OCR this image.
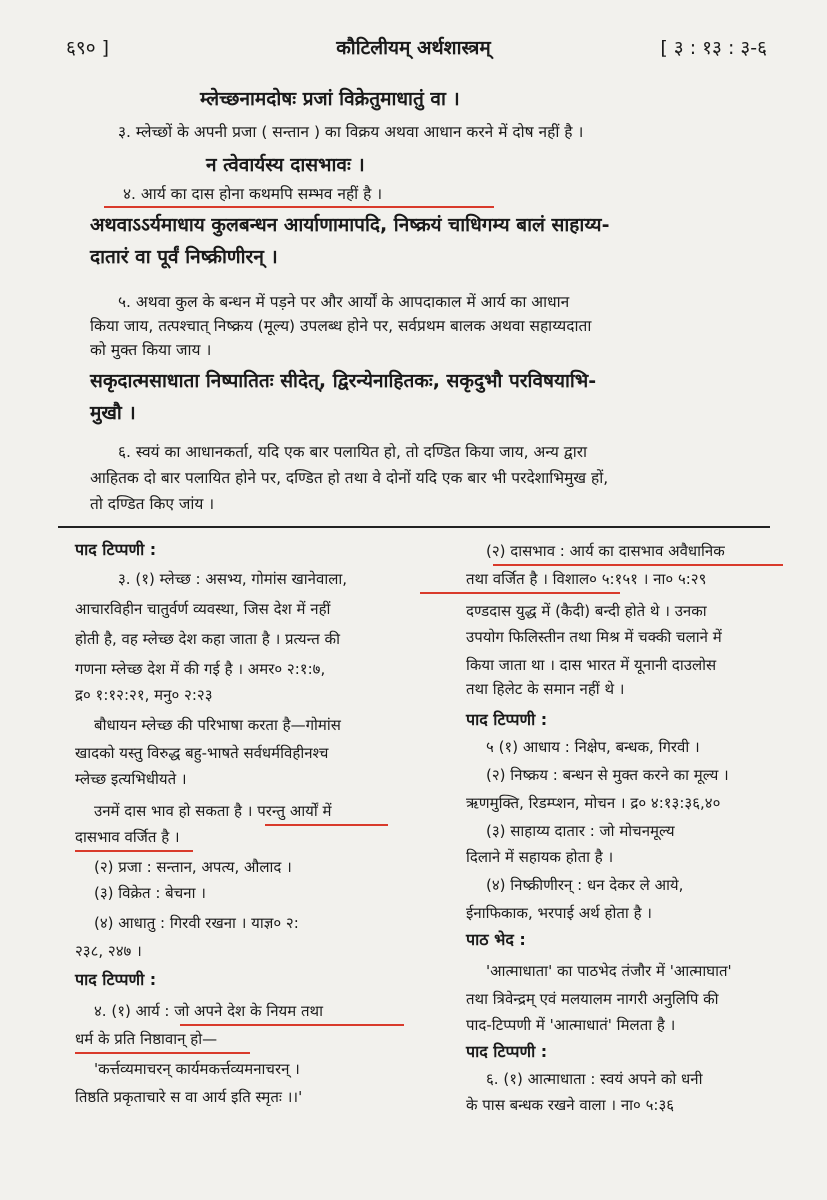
६९० ]	कौटिलीयम् अर्थशास्त्रम्	[ ३ : १३ : ३-६

म्लेच्छनामदोषः प्रजां विक्रेतुमाधातुं वा ।

३. म्लेच्छों के अपनी प्रजा ( सन्तान ) का विक्रय अथवा आधान करने में दोष नहीं है ।

न त्वेवार्यस्य दासभावः ।

४. आर्य का दास होना कथमपि सम्भव नहीं है ।

अथवाऽऽर्यमाधाय कुलबन्धन आर्याणामापदि, निष्क्रयं चाधिगम्य बालं साहाय्य-

दातारं वा पूर्वं निष्क्रीणीरन् ।

५. अथवा कुल के बन्धन में पड़ने पर और आर्यों के आपदाकाल में आर्य का आधान

किया जाय, तत्पश्चात् निष्क्रय (मूल्य) उपलब्ध होने पर, सर्वप्रथम बालक अथवा सहाय्यदाता

को मुक्त किया जाय ।

सकृदात्मसाधाता निष्पातितः सीदेत्, द्विरन्येनाहितकः, सकृदुभौ परविषयाभि-

मुखौ ।

६. स्वयं का आधानकर्ता, यदि एक बार पलायित हो, तो दण्डित किया जाय, अन्य द्वारा

आहितक दो बार पलायित होने पर, दण्डित हो तथा वे दोनों यदि एक बार भी परदेशाभिमुख हों,

तो दण्डित किए जांय ।

पाद टिप्पणी :

३. (१) म्लेच्छ : असभ्य, गोमांस खानेवाला,

आचारविहीन चातुर्वर्ण व्यवस्था, जिस देश में नहीं

होती है, वह म्लेच्छ देश कहा जाता है । प्रत्यन्त की

गणना म्लेच्छ देश में की गई है । अमर० २:१:७,

द्र० १:१२:२१, मनु० २:२३

बौधायन म्लेच्छ की परिभाषा करता है—गोमांस

खादको यस्तु विरुद्ध बहु-भाषते सर्वधर्मविहीनश्च

म्लेच्छ इत्यभिधीयते ।

उनमें दास भाव हो सकता है । परन्तु आर्यों में

दासभाव वर्जित है ।

(२) प्रजा : सन्तान, अपत्य, औलाद ।

(३) विक्रेत : बेचना ।

(४) आधातु : गिरवी रखना । याज्ञ० २:

२३८, २४७ ।

पाद टिप्पणी :

४. (१) आर्य : जो अपने देश के नियम तथा

धर्म के प्रति निष्ठावान् हो—

'कर्त्तव्यमाचरन् कार्यमकर्त्तव्यमनाचरन् ।

तिष्ठति प्रकृताचारे स वा आर्य इति स्मृतः ।।'

(२) दासभाव : आर्य का दासभाव अवैधानिक

तथा वर्जित है । विशाल० ५:१५१ । ना० ५:२९

दण्डदास युद्ध में (कैदी) बन्दी होते थे । उनका

उपयोग फिलिस्तीन तथा मिश्र में चक्की चलाने में

किया जाता था । दास भारत में यूनानी दाउलोस

तथा हिलेट के समान नहीं थे ।

पाद टिप्पणी :

५ (१) आधाय : निक्षेप, बन्धक, गिरवी ।

(२) निष्क्रय : बन्धन से मुक्त करने का मूल्य ।

ऋणमुक्ति, रिडम्प्शन, मोचन । द्र० ४:१३:३६,४०

(३) साहाय्य दातार : जो मोचनमूल्य

दिलाने में सहायक होता है ।

(४) निष्क्रीणीरन् : धन देकर ले आये,

ईनाफिकाक, भरपाई अर्थ होता है ।

पाठ भेद :

'आत्माधाता' का पाठभेद तंजौर में 'आत्माघात'

तथा त्रिवेन्द्रम् एवं मलयालम नागरी अनुलिपि की

पाद-टिप्पणी में 'आत्माधातं' मिलता है ।

पाद टिप्पणी :

६. (१) आत्माधाता : स्वयं अपने को धनी

के पास बन्धक रखने वाला । ना० ५:३६
